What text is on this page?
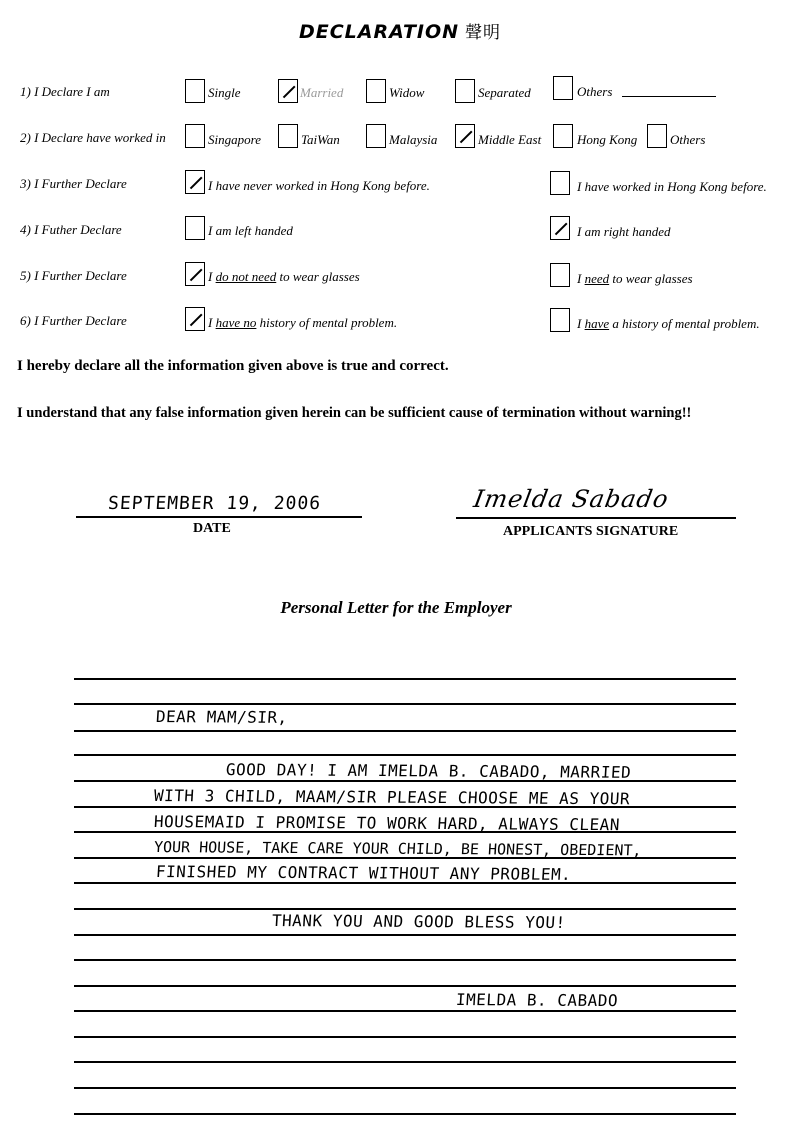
DECLARATION 聲明
1) I Declare I am	Single	Married	Widow	Separated	Others
2) I Declare have worked in	Singapore	TaiWan	Malaysia	Middle East	Hong Kong	Others
3) I Further Declare	I have never worked in Hong Kong before.	I have worked in Hong Kong before.
4) I Futher Declare	I am left handed	I am right handed
5) I Further Declare	I do not need to wear glasses	I need to wear glasses
6) I Further Declare	I have no history of mental problem.	I have a history of mental problem.
I hereby declare all the information given above is true and correct.
I understand that any false information given herein can be sufficient cause of termination without warning!!
SEPTEMBER 19, 2006
DATE
Imelda Sabado
APPLICANTS SIGNATURE
Personal Letter for the Employer
DEAR MAM/SIR,
GOOD DAY! I AM IMELDA B. CABADO, MARRIED
WITH 3 CHILD, MAAM/SIR PLEASE CHOOSE ME AS YOUR
HOUSEMAID I PROMISE TO WORK HARD, ALWAYS CLEAN
YOUR HOUSE, TAKE CARE YOUR CHILD, BE HONEST, OBEDIENT,
FINISHED MY CONTRACT WITHOUT ANY PROBLEM.
THANK YOU AND GOOD BLESS YOU!
IMELDA B. CABADO
